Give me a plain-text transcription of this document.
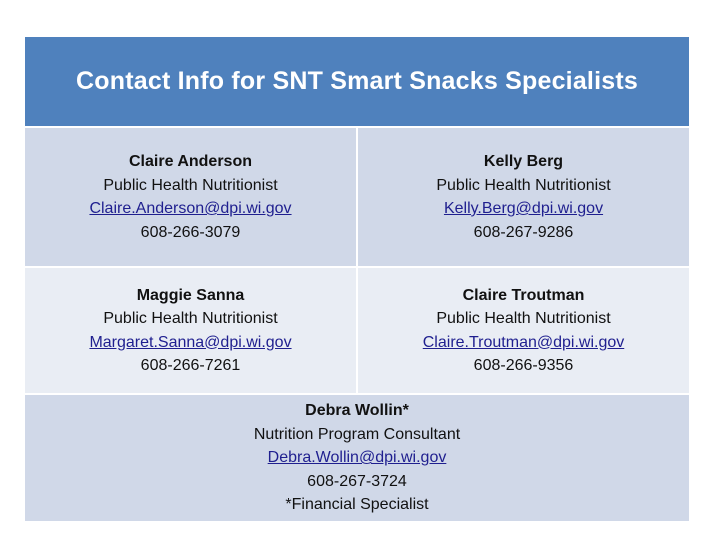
Contact Info for SNT Smart Snacks Specialists
Claire Anderson
Public Health Nutritionist
Claire.Anderson@dpi.wi.gov
608-266-3079
Kelly Berg
Public Health Nutritionist
Kelly.Berg@dpi.wi.gov
608-267-9286
Maggie Sanna
Public Health Nutritionist
Margaret.Sanna@dpi.wi.gov
608-266-7261
Claire Troutman
Public Health Nutritionist
Claire.Troutman@dpi.wi.gov
608-266-9356
Debra Wollin*
Nutrition Program Consultant
Debra.Wollin@dpi.wi.gov
608-267-3724
*Financial Specialist
